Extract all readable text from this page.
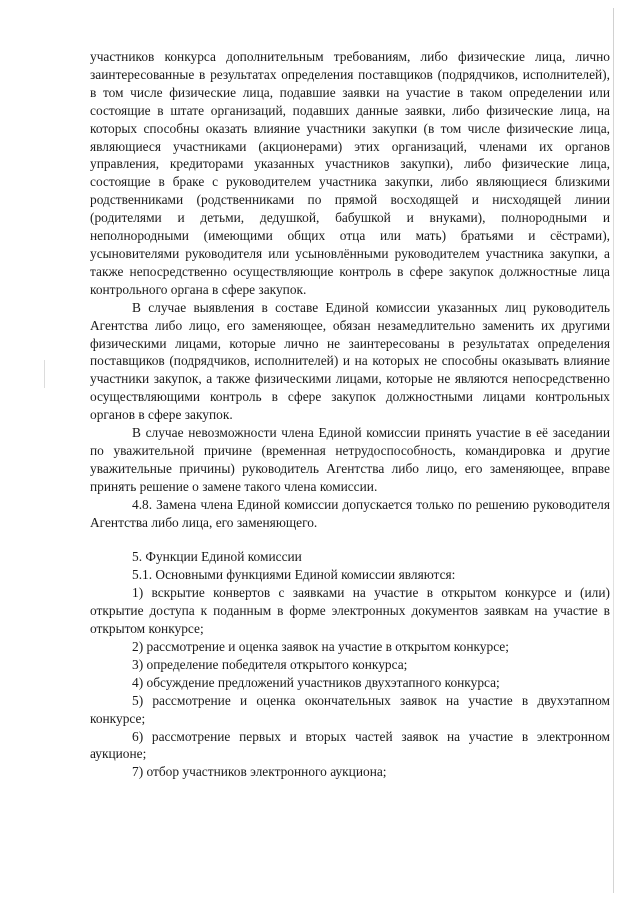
участников конкурса дополнительным требованиям, либо физические лица, лично заинтересованные в результатах определения поставщиков (подрядчиков, исполнителей), в том числе физические лица, подавшие заявки на участие в таком определении или состоящие в штате организаций, подавших данные заявки, либо физические лица, на которых способны оказать влияние участники закупки (в том числе физические лица, являющиеся участниками (акционерами) этих организаций, членами их органов управления, кредиторами указанных участников закупки), либо физические лица, состоящие в браке с руководителем участника закупки, либо являющиеся близкими родственниками (родственниками по прямой восходящей и нисходящей линии (родителями и детьми, дедушкой, бабушкой и внуками), полнородными и неполнородными (имеющими общих отца или мать) братьями и сёстрами), усыновителями руководителя или усыновлёнными руководителем участника закупки, а также непосредственно осуществляющие контроль в сфере закупок должностные лица контрольного органа в сфере закупок.

В случае выявления в составе Единой комиссии указанных лиц руководитель Агентства либо лицо, его заменяющее, обязан незамедлительно заменить их другими физическими лицами, которые лично не заинтересованы в результатах определения поставщиков (подрядчиков, исполнителей) и на которых не способны оказывать влияние участники закупок, а также физическими лицами, которые не являются непосредственно осуществляющими контроль в сфере закупок должностными лицами контрольных органов в сфере закупок.

В случае невозможности члена Единой комиссии принять участие в её заседании по уважительной причине (временная нетрудоспособность, командировка и другие уважительные причины) руководитель Агентства либо лицо, его заменяющее, вправе принять решение о замене такого члена комиссии.

4.8. Замена члена Единой комиссии допускается только по решению руководителя Агентства либо лица, его заменяющего.

5. Функции Единой комиссии

5.1. Основными функциями Единой комиссии являются:

1) вскрытие конвертов с заявками на участие в открытом конкурсе и (или) открытие доступа к поданным в форме электронных документов заявкам на участие в открытом конкурсе;

2) рассмотрение и оценка заявок на участие в открытом конкурсе;

3) определение победителя открытого конкурса;

4) обсуждение предложений участников двухэтапного конкурса;

5) рассмотрение и оценка окончательных заявок на участие в двухэтапном конкурсе;

6) рассмотрение первых и вторых частей заявок на участие в электронном аукционе;

7) отбор участников электронного аукциона;
